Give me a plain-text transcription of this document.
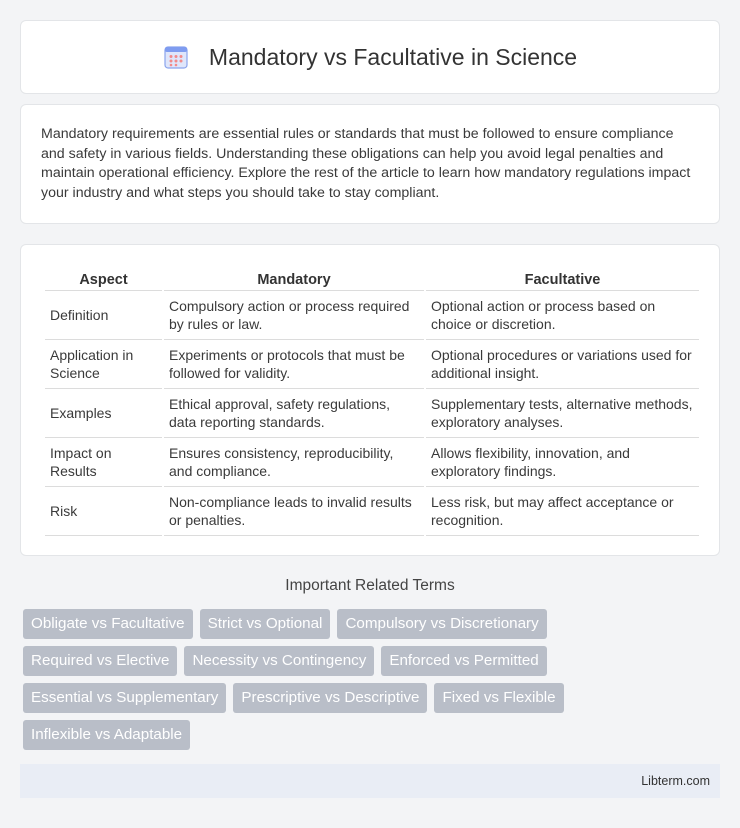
Mandatory vs Facultative in Science

Mandatory requirements are essential rules or standards that must be followed to ensure compliance and safety in various fields. Understanding these obligations can help you avoid legal penalties and maintain operational efficiency. Explore the rest of the article to learn how mandatory regulations impact your industry and what steps you should take to stay compliant.

Aspect	Mandatory	Facultative
Definition	Compulsory action or process required by rules or law.	Optional action or process based on choice or discretion.
Application in Science	Experiments or protocols that must be followed for validity.	Optional procedures or variations used for additional insight.
Examples	Ethical approval, safety regulations, data reporting standards.	Supplementary tests, alternative methods, exploratory analyses.
Impact on Results	Ensures consistency, reproducibility, and compliance.	Allows flexibility, innovation, and exploratory findings.
Risk	Non-compliance leads to invalid results or penalties.	Less risk, but may affect acceptance or recognition.
Important Related Terms
Obligate vs Facultative	Strict vs Optional	Compulsory vs Discretionary
Required vs Elective	Necessity vs Contingency	Enforced vs Permitted
Essential vs Supplementary	Prescriptive vs Descriptive	Fixed vs Flexible
Inflexible vs Adaptable
Libterm.com
